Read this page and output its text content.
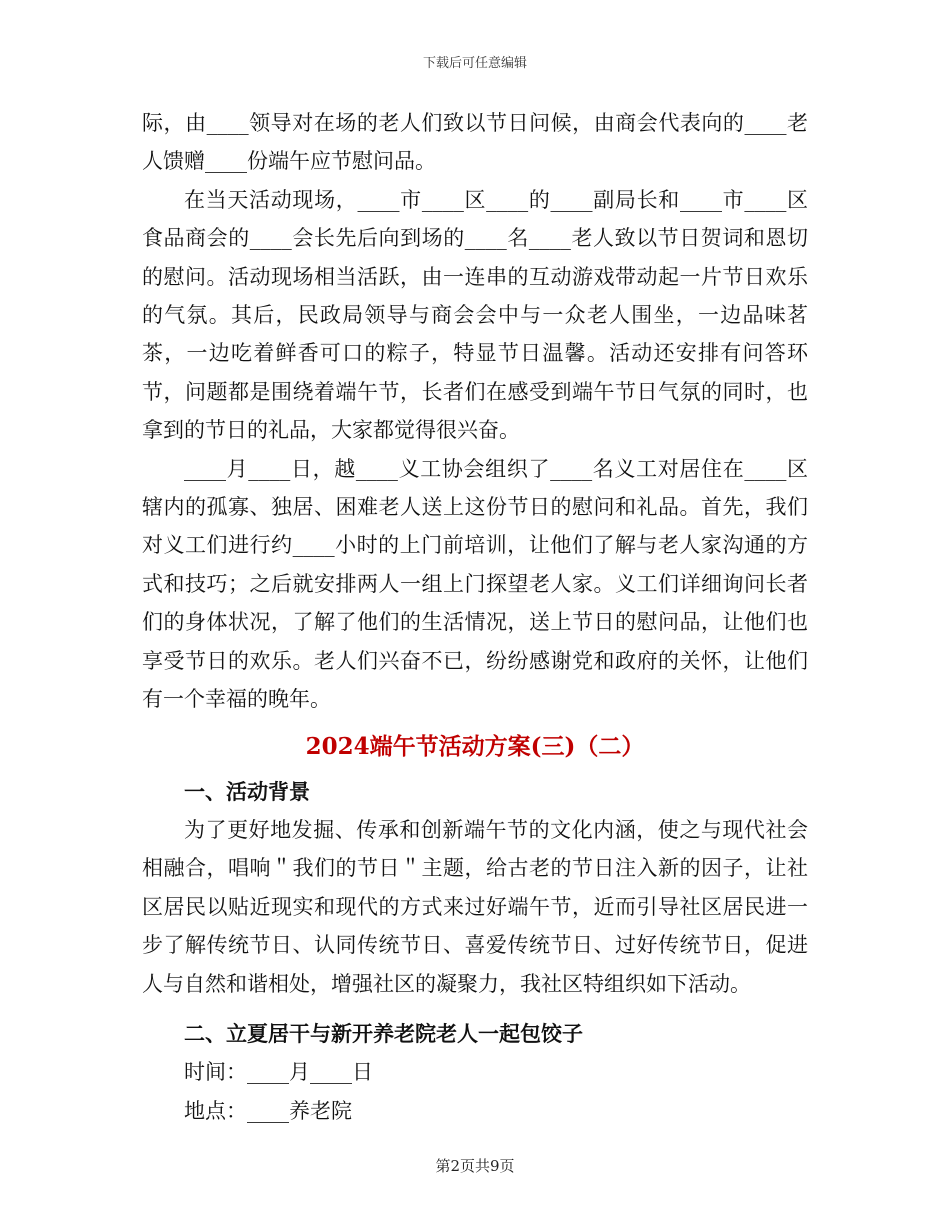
下载后可任意编辑

际，由____领导对在场的老人们致以节日问候，由商会代表向的____老人馈赠____份端午应节慰问品。

在当天活动现场，____市____区____的____副局长和____市____区食品商会的____会长先后向到场的____名____老人致以节日贺词和恩切的慰问。活动现场相当活跃，由一连串的互动游戏带动起一片节日欢乐的气氛。其后，民政局领导与商会会中与一众老人围坐，一边品味茗茶，一边吃着鲜香可口的粽子，特显节日温馨。活动还安排有问答环节，问题都是围绕着端午节，长者们在感受到端午节日气氛的同时，也拿到的节日的礼品，大家都觉得很兴奋。

____月____日，越____义工协会组织了____名义工对居住在____区辖内的孤寡、独居、困难老人送上这份节日的慰问和礼品。首先，我们对义工们进行约____小时的上门前培训，让他们了解与老人家沟通的方式和技巧；之后就安排两人一组上门探望老人家。义工们详细询问长者们的身体状况，了解了他们的生活情况，送上节日的慰问品，让他们也享受节日的欢乐。老人们兴奋不已，纷纷感谢党和政府的关怀，让他们有一个幸福的晚年。

2024端午节活动方案(三)（二）

一、活动背景

为了更好地发掘、传承和创新端午节的文化内涵，使之与现代社会相融合，唱响＂我们的节日＂主题，给古老的节日注入新的因子，让社区居民以贴近现实和现代的方式来过好端午节，近而引导社区居民进一步了解传统节日、认同传统节日、喜爱传统节日、过好传统节日，促进人与自然和谐相处，增强社区的凝聚力，我社区特组织如下活动。

二、立夏居干与新开养老院老人一起包饺子

时间：____月____日

地点：____养老院

第2页共9页
